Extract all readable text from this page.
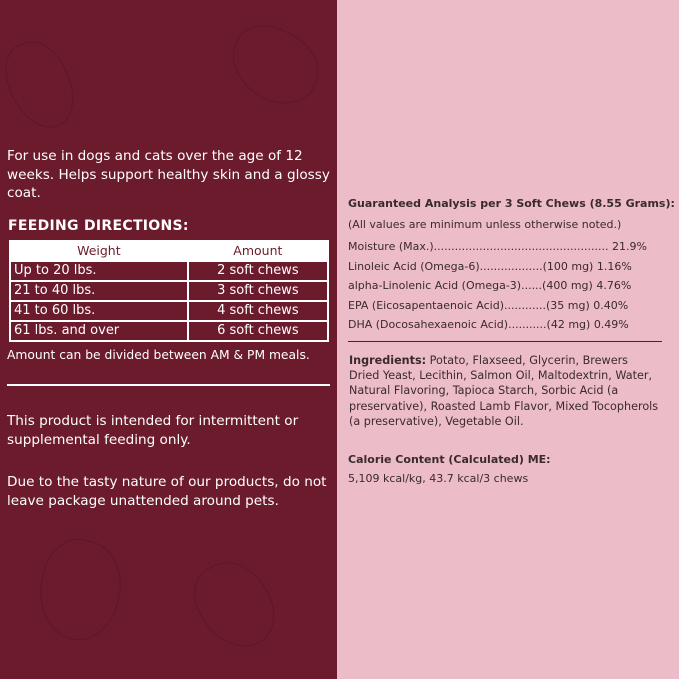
For use in dogs and cats over the age of 12 weeks. Helps support healthy skin and a glossy coat.
FEEDING DIRECTIONS:
Weight	Amount
Up to 20 lbs.	2 soft chews
21 to 40 lbs.	3 soft chews
41 to 60 lbs.	4 soft chews
61 lbs. and over	6 soft chews
Amount can be divided between AM & PM meals.
This product is intended for intermittent or supplemental feeding only.
Due to the tasty nature of our products, do not leave package unattended around pets.
Guaranteed Analysis per 3 Soft Chews (8.55 Grams):
(All values are minimum unless otherwise noted.)
Moisture (Max.).................................................. 21.9%
Linoleic Acid (Omega-6)..................(100 mg) 1.16%
alpha-Linolenic Acid (Omega-3)......(400 mg) 4.76%
EPA (Eicosapentaenoic Acid)............(35 mg) 0.40%
DHA (Docosahexaenoic Acid)...........(42 mg) 0.49%
Ingredients: Potato, Flaxseed, Glycerin, Brewers Dried Yeast, Lecithin, Salmon Oil, Maltodextrin, Water, Natural Flavoring, Tapioca Starch, Sorbic Acid (a preservative), Roasted Lamb Flavor, Mixed Tocopherols (a preservative), Vegetable Oil.
Calorie Content (Calculated) ME:
5,109 kcal/kg, 43.7 kcal/3 chews
